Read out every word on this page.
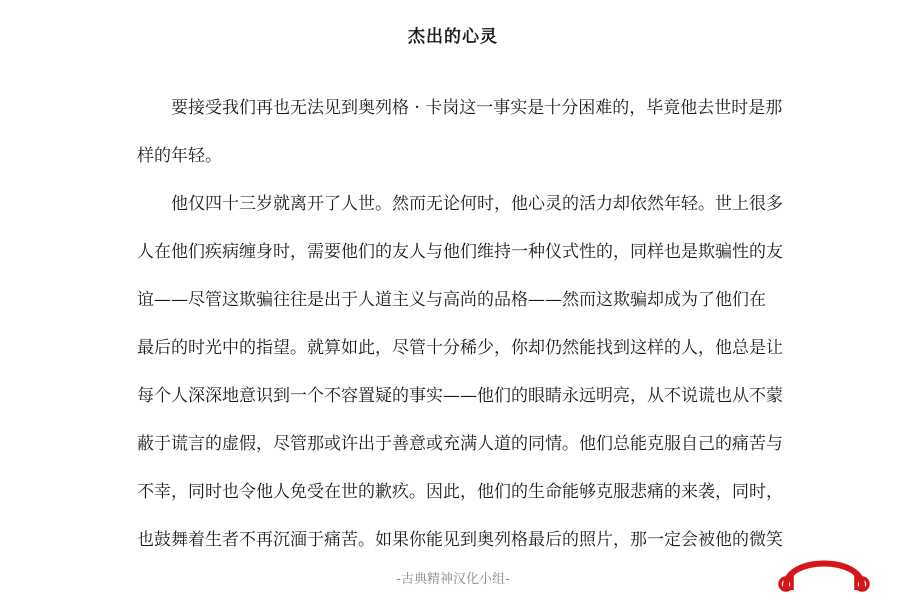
杰出的心灵
要接受我们再也无法见到奥列格 · 卡岗这一事实是十分困难的，毕竟他去世时是那
样的年轻。
他仅四十三岁就离开了人世。然而无论何时，他心灵的活力却依然年轻。世上很多
人在他们疾病缠身时，需要他们的友人与他们维持一种仪式性的，同样也是欺骗性的友
谊——尽管这欺骗往往是出于人道主义与高尚的品格——然而这欺骗却成为了他们在
最后的时光中的指望。就算如此，尽管十分稀少，你却仍然能找到这样的人，他总是让
每个人深深地意识到一个不容置疑的事实——他们的眼睛永远明亮，从不说谎也从不蒙
蔽于谎言的虚假，尽管那或许出于善意或充满人道的同情。他们总能克服自己的痛苦与
不幸，同时也令他人免受在世的歉疚。因此，他们的生命能够克服悲痛的来袭，同时，
也鼓舞着生者不再沉湎于痛苦。如果你能见到奥列格最后的照片，那一定会被他的微笑
-古典精神汉化小组-
